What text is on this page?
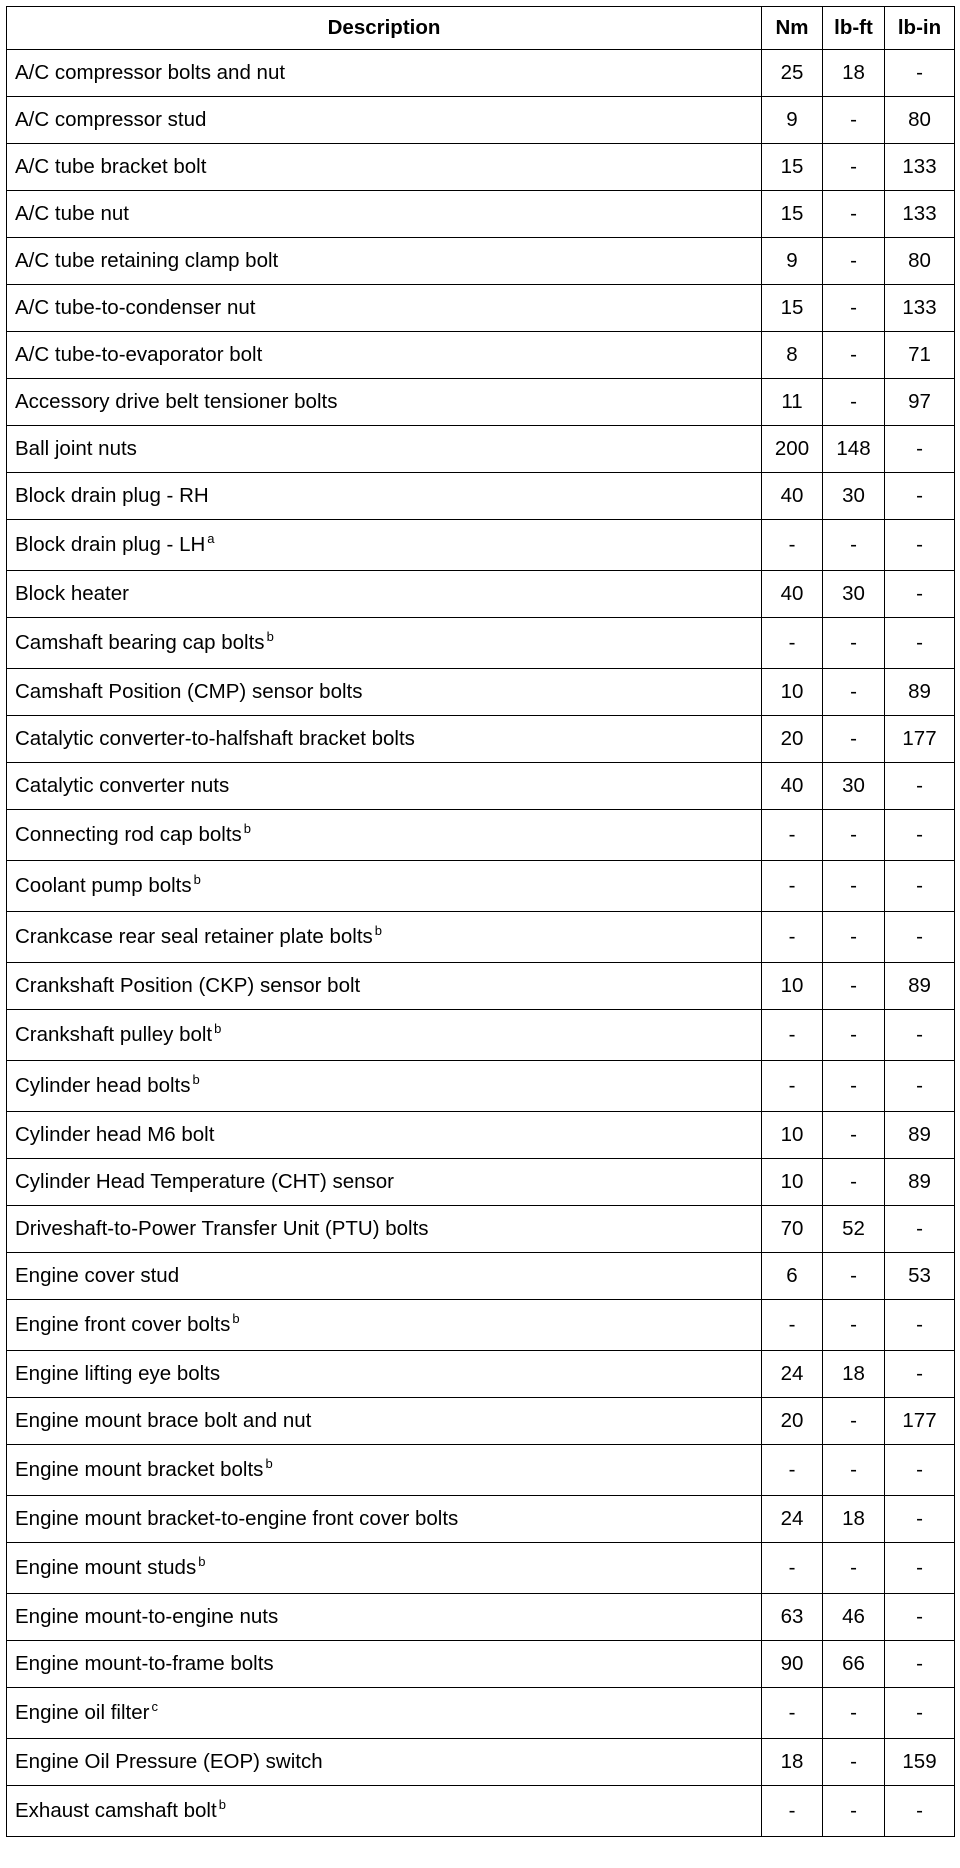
Description	Nm	lb-ft	lb-in
A/C compressor bolts and nut	25	18	-
A/C compressor stud	9	-	80
A/C tube bracket bolt	15	-	133
A/C tube nut	15	-	133
A/C tube retaining clamp bolt	9	-	80
A/C tube-to-condenser nut	15	-	133
A/C tube-to-evaporator bolt	8	-	71
Accessory drive belt tensioner bolts	11	-	97
Ball joint nuts	200	148	-
Block drain plug - RH	40	30	-
Block drain plug - LH $^a$	-	-	-
Block heater	40	30	-
Camshaft bearing cap bolts $^b$	-	-	-
Camshaft Position (CMP) sensor bolts	10	-	89
Catalytic converter-to-halfshaft bracket bolts	20	-	177
Catalytic converter nuts	40	30	-
Connecting rod cap bolts $^b$	-	-	-
Coolant pump bolts $^b$	-	-	-
Crankcase rear seal retainer plate bolts $^b$	-	-	-
Crankshaft Position (CKP) sensor bolt	10	-	89
Crankshaft pulley bolt $^b$	-	-	-
Cylinder head bolts $^b$	-	-	-
Cylinder head M6 bolt	10	-	89
Cylinder Head Temperature (CHT) sensor	10	-	89
Driveshaft-to-Power Transfer Unit (PTU) bolts	70	52	-
Engine cover stud	6	-	53
Engine front cover bolts $^b$	-	-	-
Engine lifting eye bolts	24	18	-
Engine mount brace bolt and nut	20	-	177
Engine mount bracket bolts $^b$	-	-	-
Engine mount bracket-to-engine front cover bolts	24	18	-
Engine mount studs $^b$	-	-	-
Engine mount-to-engine nuts	63	46	-
Engine mount-to-frame bolts	90	66	-
Engine oil filter $^c$	-	-	-
Engine Oil Pressure (EOP) switch	18	-	159
Exhaust camshaft bolt $^b$	-	-	-
